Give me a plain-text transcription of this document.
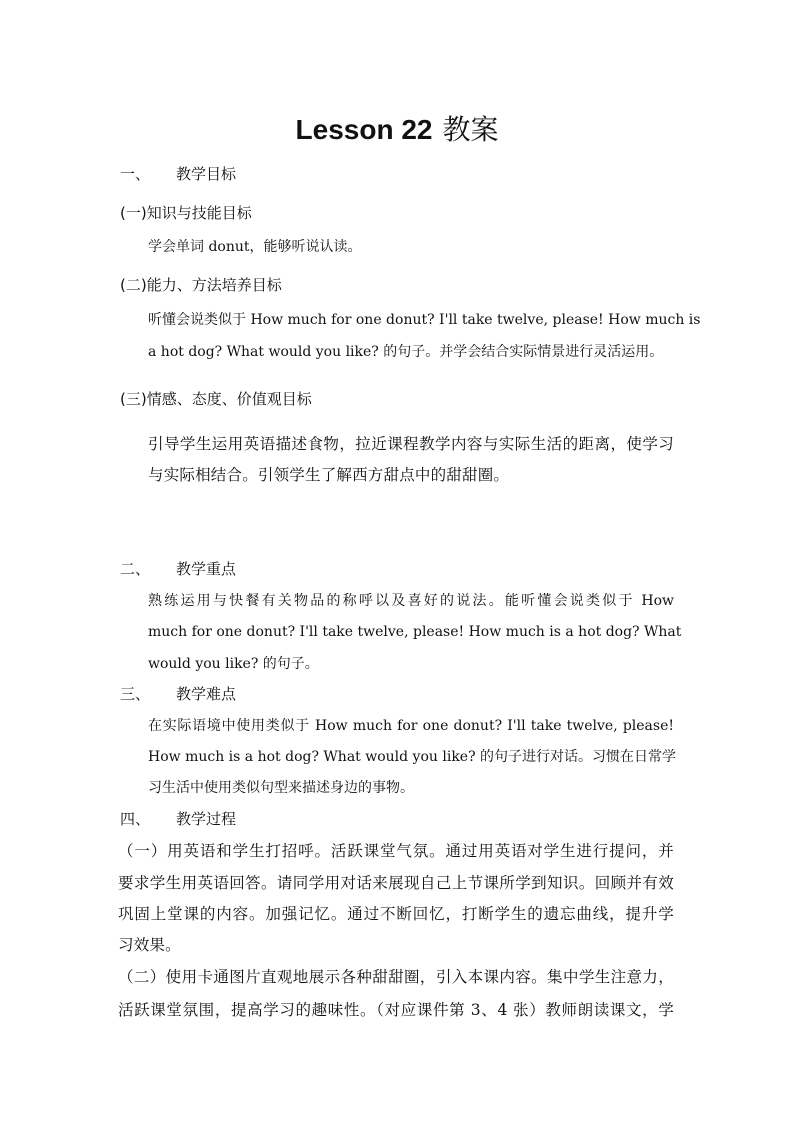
Lesson 22 教案
一、 教学目标
(一)知识与技能目标
学会单词 donut，能够听说认读。
(二)能力、方法培养目标
听懂会说类似于 How much for one donut? I'll take twelve, please! How much is
a hot dog? What would you like? 的句子。并学会结合实际情景进行灵活运用。
(三)情感、态度、价值观目标
引导学生运用英语描述食物，拉近课程教学内容与实际生活的距离，使学习
与实际相结合。引领学生了解西方甜点中的甜甜圈。
二、 教学重点
熟练运用与快餐有关物品的称呼以及喜好的说法。能听懂会说类似于 How
much for one donut? I'll take twelve, please! How much is a hot dog? What
would you like? 的句子。
三、 教学难点
在实际语境中使用类似于 How much for one donut? I'll take twelve, please!
How much is a hot dog? What would you like? 的句子进行对话。习惯在日常学
习生活中使用类似句型来描述身边的事物。
四、 教学过程
（一）用英语和学生打招呼。活跃课堂气氛。通过用英语对学生进行提问，并
要求学生用英语回答。请同学用对话来展现自己上节课所学到知识。回顾并有效
巩固上堂课的内容。加强记忆。通过不断回忆，打断学生的遗忘曲线，提升学
习效果。
（二）使用卡通图片直观地展示各种甜甜圈，引入本课内容。集中学生注意力，
活跃课堂氛围，提高学习的趣味性。（对应课件第 3、4 张）教师朗读课文，学
